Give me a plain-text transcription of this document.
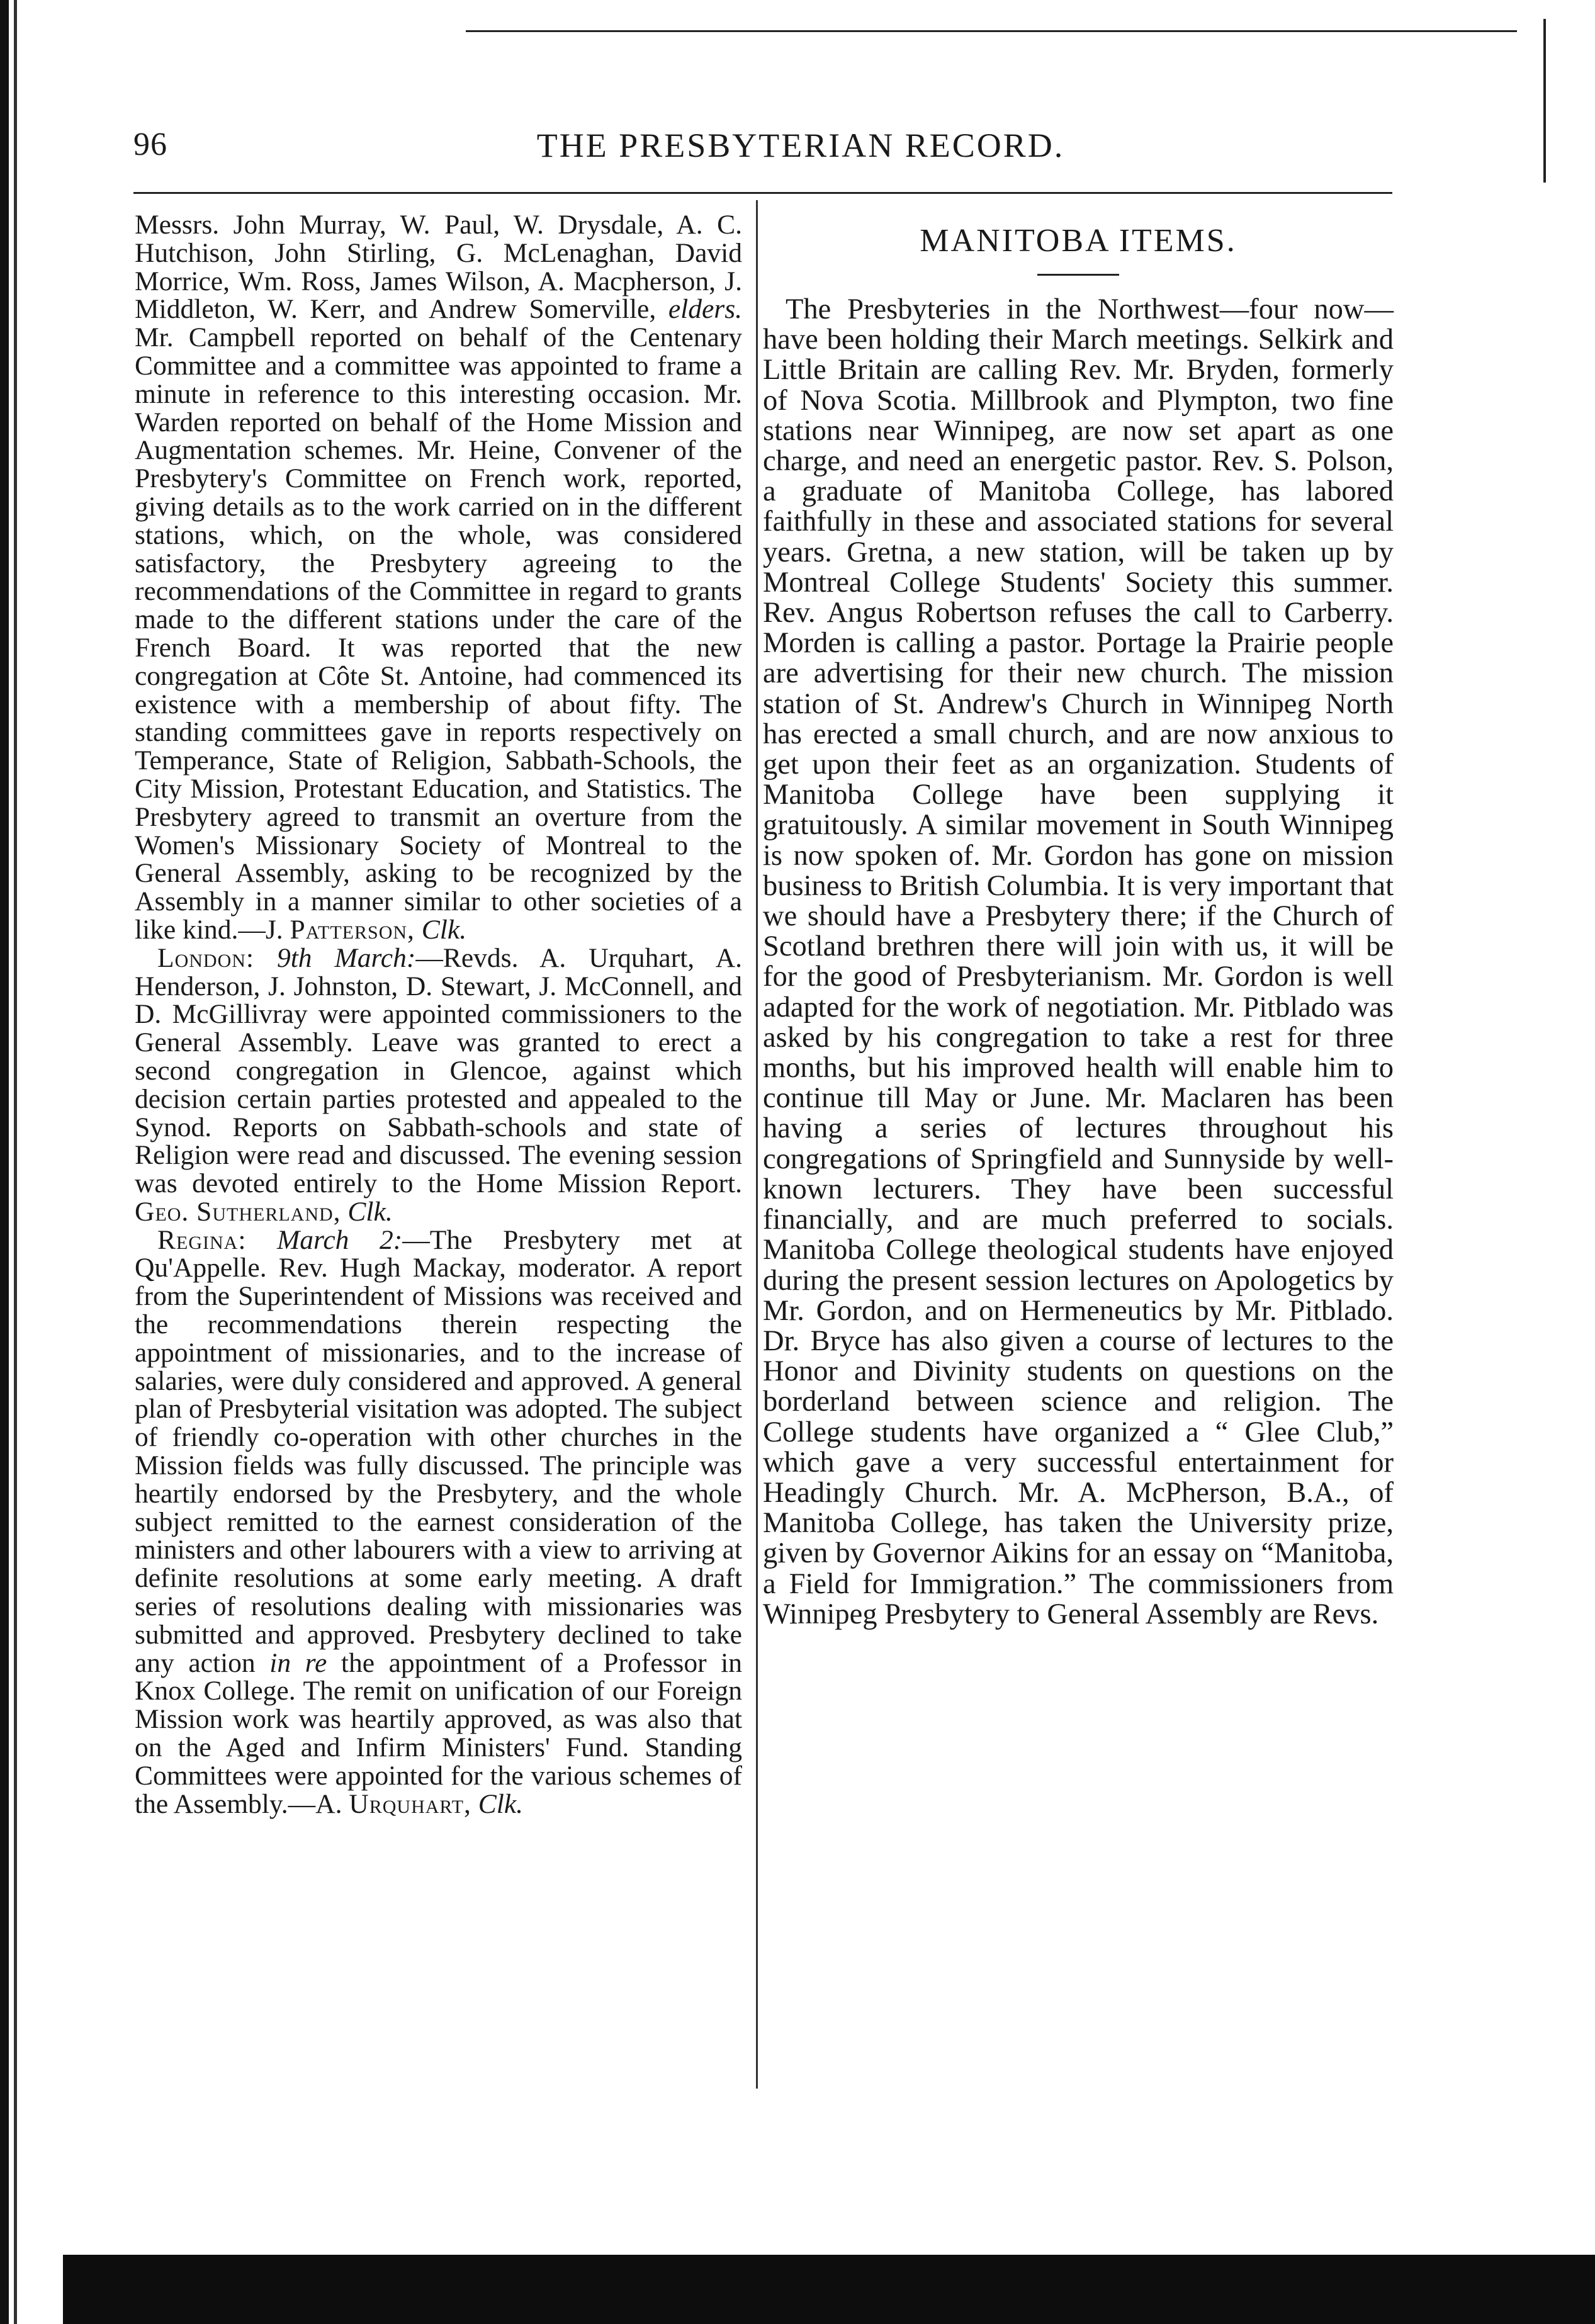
96	THE PRESBYTERIAN RECORD.

Messrs. John Murray, W. Paul, W. Drysdale, A. C. Hutchison, John Stirling, G. McLenaghan, David Morrice, Wm. Ross, James Wilson, A. Macpherson, J. Middleton, W. Kerr, and Andrew Somerville, elders. Mr. Campbell reported on behalf of the Centenary Committee and a committee was appointed to frame a minute in reference to this interesting occasion. Mr. Warden reported on behalf of the Home Mission and Augmentation schemes. Mr. Heine, Convener of the Presbytery's Committee on French work, reported, giving details as to the work carried on in the different stations, which, on the whole, was considered satisfactory, the Presbytery agreeing to the recommendations of the Committee in regard to grants made to the different stations under the care of the French Board. It was reported that the new congregation at Côte St. Antoine, had commenced its existence with a membership of about fifty. The standing committees gave in reports respectively on Temperance, State of Religion, Sabbath-Schools, the City Mission, Protestant Education, and Statistics. The Presbytery agreed to transmit an overture from the Women's Missionary Society of Montreal to the General Assembly, asking to be recognized by the Assembly in a manner similar to other societies of a like kind.—J. Patterson, Clk.

London: 9th March:—Revds. A. Urquhart, A. Henderson, J. Johnston, D. Stewart, J. McConnell, and D. McGillivray were appointed commissioners to the General Assembly. Leave was granted to erect a second congregation in Glencoe, against which decision certain parties protested and appealed to the Synod. Reports on Sabbath-schools and state of Religion were read and discussed. The evening session was devoted entirely to the Home Mission Report. Geo. Sutherland, Clk.

Regina: March 2:—The Presbytery met at Qu'Appelle. Rev. Hugh Mackay, moderator. A report from the Superintendent of Missions was received and the recommendations therein respecting the appointment of missionaries, and to the increase of salaries, were duly considered and approved. A general plan of Presbyterial visitation was adopted. The subject of friendly co-operation with other churches in the Mission fields was fully discussed. The principle was heartily endorsed by the Presbytery, and the whole subject remitted to the earnest consideration of the ministers and other labourers with a view to arriving at definite resolutions at some early meeting. A draft series of resolutions dealing with missionaries was submitted and approved. Presbytery declined to take any action in re the appointment of a Professor in Knox College. The remit on unification of our Foreign Mission work was heartily approved, as was also that on the Aged and Infirm Ministers' Fund. Standing Committees were appointed for the various schemes of the Assembly.—A. Urquhart, Clk.

MANITOBA ITEMS.

The Presbyteries in the Northwest—four now—have been holding their March meetings. Selkirk and Little Britain are calling Rev. Mr. Bryden, formerly of Nova Scotia. Millbrook and Plympton, two fine stations near Winnipeg, are now set apart as one charge, and need an energetic pastor. Rev. S. Polson, a graduate of Manitoba College, has labored faithfully in these and associated stations for several years. Gretna, a new station, will be taken up by Montreal College Students' Society this summer. Rev. Angus Robertson refuses the call to Carberry. Morden is calling a pastor. Portage la Prairie people are advertising for their new church. The mission station of St. Andrew's Church in Winnipeg North has erected a small church, and are now anxious to get upon their feet as an organization. Students of Manitoba College have been supplying it gratuitously. A similar movement in South Winnipeg is now spoken of. Mr. Gordon has gone on mission business to British Columbia. It is very important that we should have a Presbytery there; if the Church of Scotland brethren there will join with us, it will be for the good of Presbyterianism. Mr. Gordon is well adapted for the work of negotiation. Mr. Pitblado was asked by his congregation to take a rest for three months, but his improved health will enable him to continue till May or June. Mr. Maclaren has been having a series of lectures throughout his congregations of Springfield and Sunnyside by well-known lecturers. They have been successful financially, and are much preferred to socials. Manitoba College theological students have enjoyed during the present session lectures on Apologetics by Mr. Gordon, and on Hermeneutics by Mr. Pitblado. Dr. Bryce has also given a course of lectures to the Honor and Divinity students on questions on the borderland between science and religion. The College students have organized a “ Glee Club,” which gave a very successful entertainment for Headingly Church. Mr. A. McPherson, B.A., of Manitoba College, has taken the University prize, given by Governor Aikins for an essay on “Manitoba, a Field for Immigration.” The commissioners from Winnipeg Presbytery to General Assembly are Revs.
